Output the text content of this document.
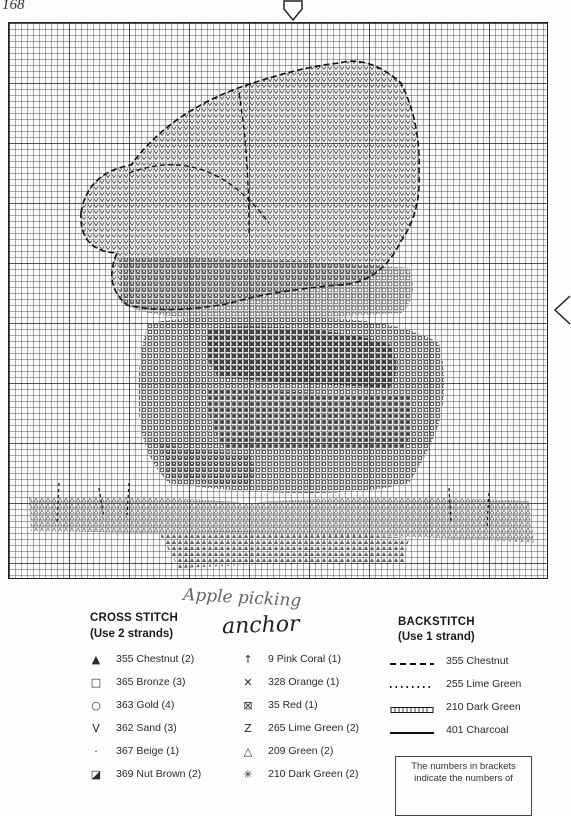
168
Apple picking
anchor
CROSS STITCH
(Use 2 strands)
BACKSTITCH
(Use 1 strand)
355 Chestnut
255 Lime Green
210 Dark Green
401 Charcoal
The numbers in brackets indicate the numbers of
▲	355 Chestnut (2)
□ 365 Bronze (3)
○	363 Gold (4)
V	362 Sand (3)
·	367 Beige (1)
◪ 369 Nut Brown (2)
↑	9 Pink Coral (1)
✕	328 Orange (1)
⊠	35 Red (1)
Z	265 Lime Green (2)
△	209 Green (2)
✳	210 Dark Green (2)
